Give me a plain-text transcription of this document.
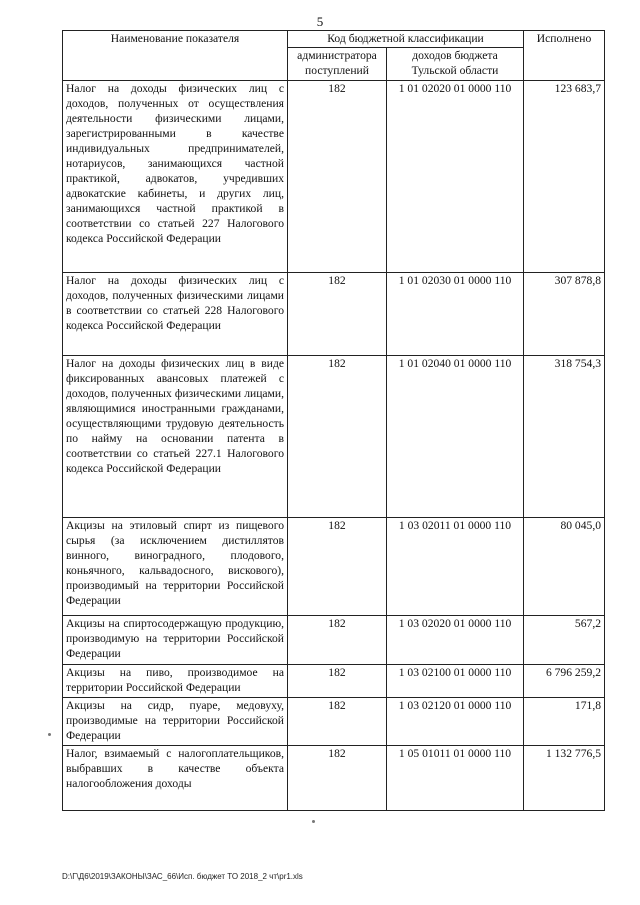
5
Наименование показателя	Код бюджетной классификации		Исполнено
	администратора поступлений	доходов бюджета Тульской области	
Налог на доходы физических лиц с доходов, полученных от осуществления деятельности физическими лицами, зарегистрированными в качестве индивидуальных предпринимателей, нотариусов, занимающихся частной практикой, адвокатов, учредивших адвокатские кабинеты, и других лиц, занимающихся частной практикой в соответствии со статьей 227 Налогового кодекса Российской Федерации	182	1 01 02020 01 0000 110	123 683,7
Налог на доходы физических лиц с доходов, полученных физическими лицами в соответствии со статьей 228 Налогового кодекса Российской Федерации	182	1 01 02030 01 0000 110	307 878,8
Налог на доходы физических лиц в виде фиксированных авансовых платежей с доходов, полученных физическими лицами, являющимися иностранными гражданами, осуществляющими трудовую деятельность по найму на основании патента в соответствии со статьей 227.1 Налогового кодекса Российской Федерации	182	1 01 02040 01 0000 110	318 754,3
Акцизы на этиловый спирт из пищевого сырья (за исключением дистиллятов винного, виноградного, плодового, коньячного, кальвадосного, вискового), производимый на территории Российской Федерации	182	1 03 02011 01 0000 110	80 045,0
Акцизы на спиртосодержащую продукцию, производимую на территории Российской Федерации	182	1 03 02020 01 0000 110	567,2
Акцизы на пиво, производимое на территории Российской Федерации	182	1 03 02100 01 0000 110	6 796 259,2
Акцизы на сидр, пуаре, медовуху, производимые на территории Российской Федерации	182	1 03 02120 01 0000 110	171,8
Налог, взимаемый с налогоплательщиков, выбравших в качестве объекта налогообложения доходы	182	1 05 01011 01 0000 110	1 132 776,5
D:\Г\Д6\2019\ЗАКОНЫ\ЗАС_66\Исп. бюджет ТО 2018_2 чт\pr1.xls
